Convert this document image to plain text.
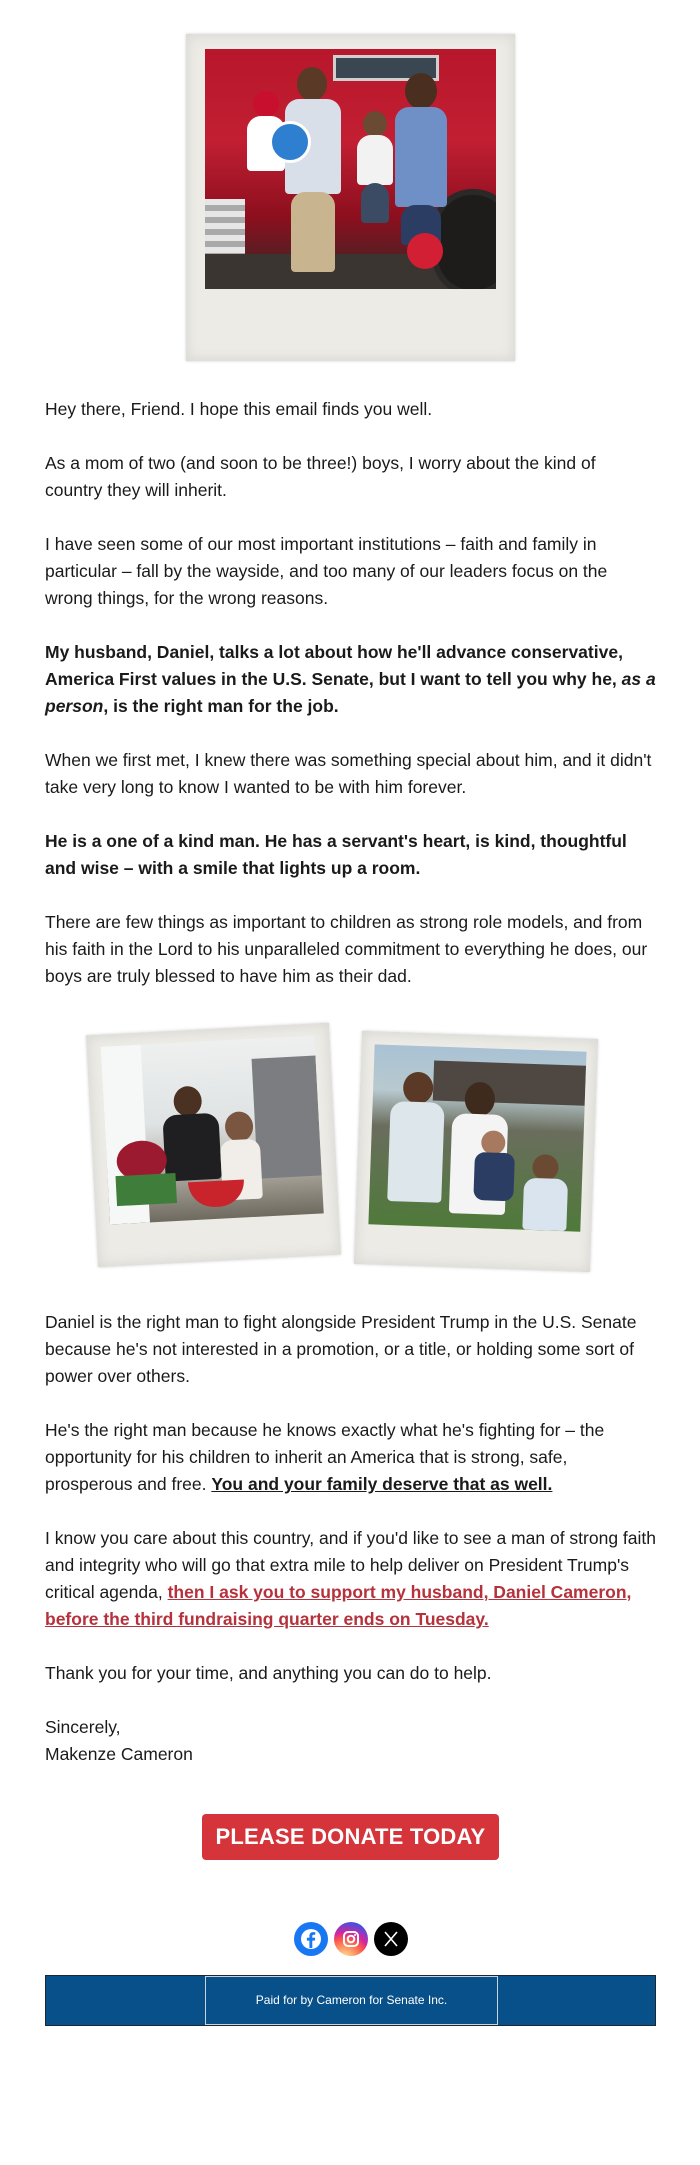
Hey there, Friend. I hope this email finds you well.

As a mom of two (and soon to be three!) boys, I worry about the kind of country they will inherit.

I have seen some of our most important institutions – faith and family in particular – fall by the wayside, and too many of our leaders focus on the wrong things, for the wrong reasons.

My husband, Daniel, talks a lot about how he'll advance conservative, America First values in the U.S. Senate, but I want to tell you why he, as a person, is the right man for the job.

When we first met, I knew there was something special about him, and it didn't take very long to know I wanted to be with him forever.

He is a one of a kind man. He has a servant's heart, is kind, thoughtful and wise – with a smile that lights up a room.

There are few things as important to children as strong role models, and from his faith in the Lord to his unparalleled commitment to everything he does, our boys are truly blessed to have him as their dad.

Daniel is the right man to fight alongside President Trump in the U.S. Senate because he's not interested in a promotion, or a title, or holding some sort of power over others.

He's the right man because he knows exactly what he's fighting for – the opportunity for his children to inherit an America that is strong, safe, prosperous and free. You and your family deserve that as well.

I know you care about this country, and if you'd like to see a man of strong faith and integrity who will go that extra mile to help deliver on President Trump's critical agenda, then I ask you to support my husband, Daniel Cameron, before the third fundraising quarter ends on Tuesday.

Thank you for your time, and anything you can do to help.

Sincerely,

Makenze Cameron

PLEASE DONATE TODAY
Paid for by Cameron for Senate Inc.
